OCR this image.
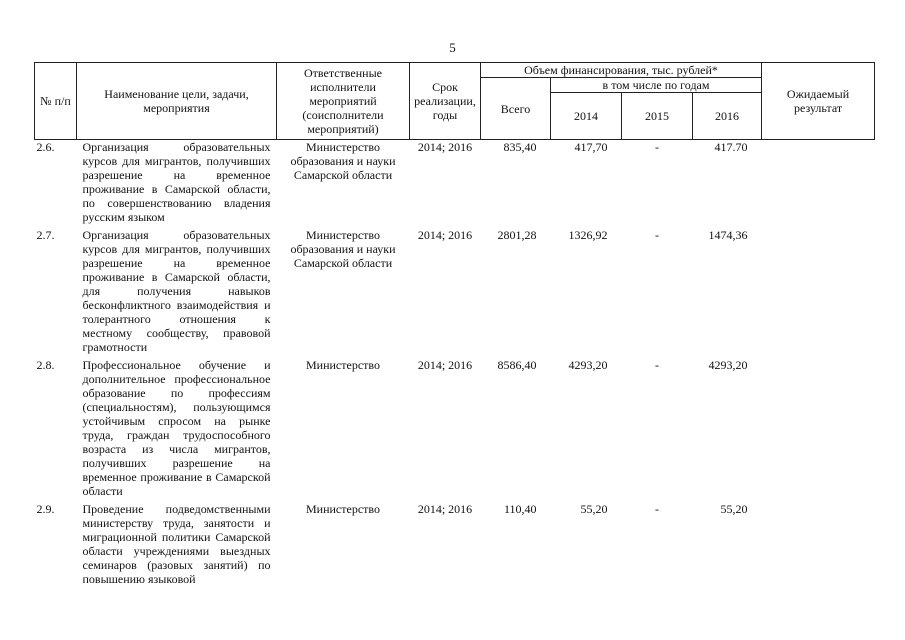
5
№ п/п	Наименование цели, задачи, мероприятия	Ответственные исполнители мероприятий (соисполнители мероприятий)	Срок реализации, годы	Объем финансирования, тыс. рублей*				Ожидаемый результат
				Всего	в том числе по годам			
					2014	2015	2016	
2.6.	Организация образовательных курсов для мигрантов, получивших разрешение на временное проживание в Самарской области, по совершенствованию владения русским языком	Министерство образования и науки Самарской области	2014; 2016	835,40	417,70	-	417.70	
2.7.	Организация образовательных курсов для мигрантов, получивших разрешение на временное проживание в Самарской области, для получения навыков бесконфликтного взаимодействия и толерантного отношения к местному сообществу, правовой грамотности	Министерство образования и науки Самарской области	2014; 2016	2801,28	1326,92	-	1474,36	
2.8.	Профессиональное обучение и дополнительное профессиональное образование по профессиям (специальностям), пользующимся устойчивым спросом на рынке труда, граждан трудоспособного возраста из числа мигрантов, получивших разрешение на временное проживание в Самарской области	Министерство	2014; 2016	8586,40	4293,20	-	4293,20	
2.9.	Проведение подведомственными министерству труда, занятости и миграционной политики Самарской области учреждениями выездных семинаров (разовых занятий) по повышению языковой	Министерство	2014; 2016	110,40	55,20	-	55,20	
